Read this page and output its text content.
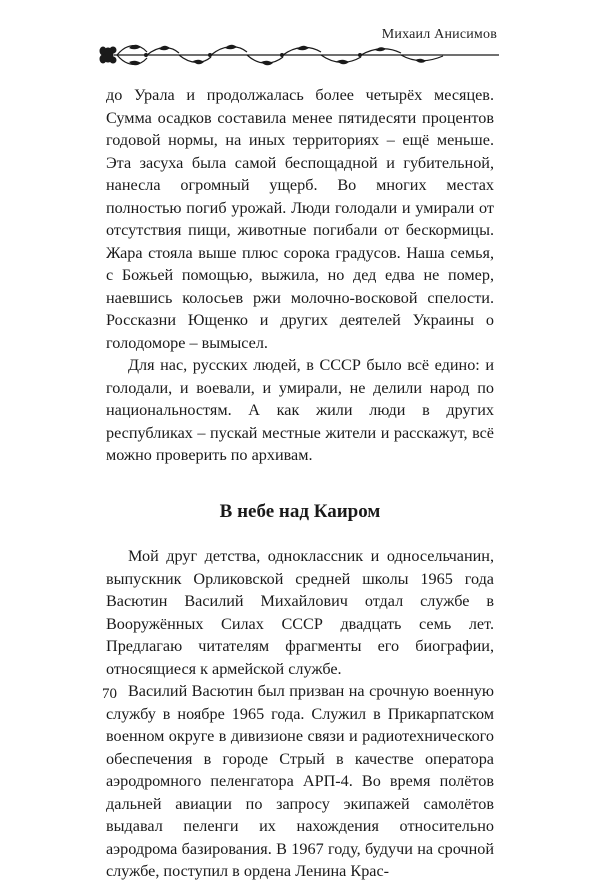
Михаил Анисимов

до Урала и продолжалась более четырёх месяцев. Сумма осадков составила менее пятидесяти процентов годовой нормы, на иных территориях – ещё меньше. Эта засуха была самой беспощадной и губительной, нанесла огромный ущерб. Во многих местах полностью погиб урожай. Люди голодали и умирали от отсутствия пищи, животные погибали от бескормицы. Жара стояла выше плюс сорока градусов. Наша семья, с Божьей помощью, выжила, но дед едва не помер, наевшись колосьев ржи молочно-восковой спелости. Россказни Ющенко и других деятелей Украины о голодоморе – вымысел.

Для нас, русских людей, в СССР было всё едино: и голодали, и воевали, и умирали, не делили народ по национальностям. А как жили люди в других республиках – пускай местные жители и расскажут, всё можно проверить по архивам.

В небе над Каиром

Мой друг детства, одноклассник и односельчанин, выпускник Орликовской средней школы 1965 года Васютин Василий Михайлович отдал службе в Вооружённых Силах СССР двадцать семь лет. Предлагаю читателям фрагменты его биографии, относящиеся к армейской службе.

Василий Васютин был призван на срочную военную службу в ноябре 1965 года. Служил в Прикарпатском военном округе в дивизионе связи и радиотехнического обеспечения в городе Стрый в качестве оператора аэродромного пеленгатора АРП-4. Во время полётов дальней авиации по запросу экипажей самолётов выдавал пеленги их нахождения относительно аэродрома базирования. В 1967 году, будучи на срочной службе, поступил в ордена Ленина Крас-

70
